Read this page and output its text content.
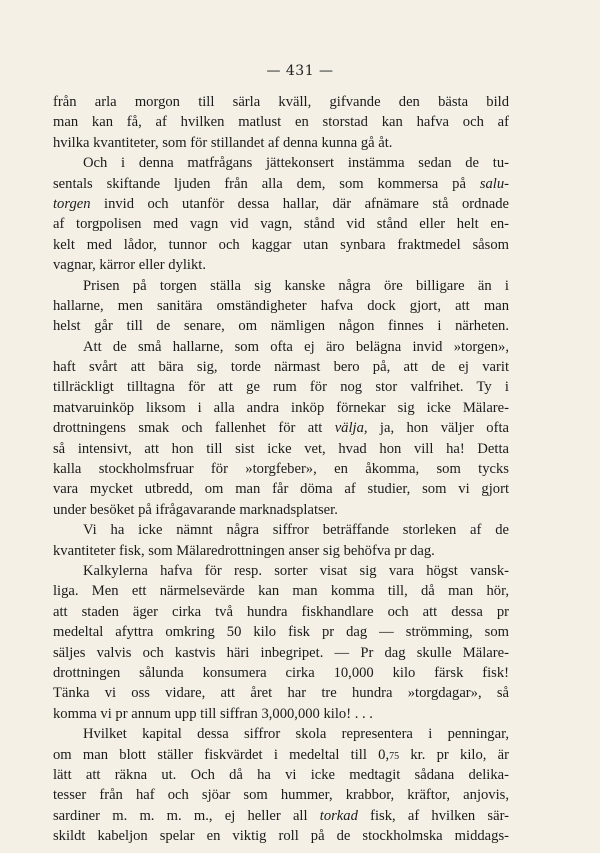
— 431 —
från arla morgon till särla kväll, gifvande den bästa bild
man kan få, af hvilken matlust en storstad kan hafva och af
hvilka kvantiteter, som för stillandet af denna kunna gå åt.
Och i denna matfrågans jättekonsert instämma sedan de tu-
sentals skiftande ljuden från alla dem, som kommersa på salu-
torgen invid och utanför dessa hallar, där afnämare stå ordnade
af torgpolisen med vagn vid vagn, stånd vid stånd eller helt en-
kelt med lådor, tunnor och kaggar utan synbara fraktmedel såsom
vagnar, kärror eller dylikt.
Prisen på torgen ställa sig kanske några öre billigare än i
hallarne, men sanitära omständigheter hafva dock gjort, att man
helst går till de senare, om nämligen någon finnes i närheten.
Att de små hallarne, som ofta ej äro belägna invid »torgen»,
haft svårt att bära sig, torde närmast bero på, att de ej varit
tillräckligt tilltagna för att ge rum för nog stor valfrihet. Ty i
matvaruinköp liksom i alla andra inköp förnekar sig icke Mälare-
drottningens smak och fallenhet för att välja, ja, hon väljer ofta
så intensivt, att hon till sist icke vet, hvad hon vill ha! Detta
kalla stockholmsfruar för »torgfeber», en åkomma, som tycks
vara mycket utbredd, om man får döma af studier, som vi gjort
under besöket på ifrågavarande marknadsplatser.
Vi ha icke nämnt några siffror beträffande storleken af de
kvantiteter fisk, som Mälaredrottningen anser sig behöfva pr dag.
Kalkylerna hafva för resp. sorter visat sig vara högst vansk-
liga. Men ett närmelsevärde kan man komma till, då man hör,
att staden äger cirka två hundra fiskhandlare och att dessa pr
medeltal afyttra omkring 50 kilo fisk pr dag — strömming, som
säljes valvis och kastvis häri inbegripet. — Pr dag skulle Mälare-
drottningen sålunda konsumera cirka 10,000 kilo färsk fisk!
Tänka vi oss vidare, att året har tre hundra »torgdagar», så
komma vi pr annum upp till siffran 3,000,000 kilo! . . .
Hvilket kapital dessa siffror skola representera i penningar,
om man blott ställer fiskvärdet i medeltal till 0,75 kr. pr kilo, är
lätt att räkna ut. Och då ha vi icke medtagit sådana delika-
tesser från haf och sjöar som hummer, krabbor, kräftor, anjovis,
sardiner m. m. m. m., ej heller all torkad fisk, af hvilken sär-
skildt kabeljon spelar en viktig roll på de stockholmska middags-
